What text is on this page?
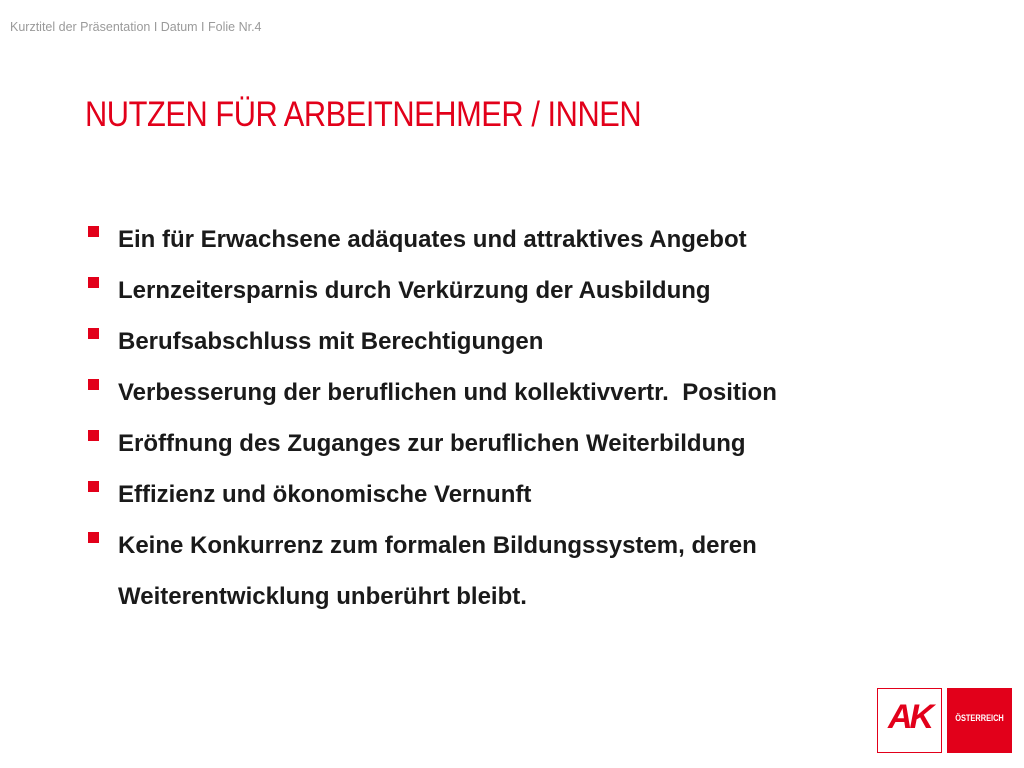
Kurztitel der Präsentation I Datum I Folie Nr.4
NUTZEN FÜR ARBEITNEHMER / INNEN
Ein für Erwachsene adäquates und attraktives Angebot
Lernzeitersparnis durch Verkürzung der Ausbildung
Berufsabschluss mit Berechtigungen
Verbesserung der beruflichen und kollektivvertr.  Position
Eröffnung des Zuganges zur beruflichen Weiterbildung
Effizienz und ökonomische Vernunft
Keine Konkurrenz zum formalen Bildungssystem, deren
Weiterentwicklung unberührt bleibt.
AK	ÖSTERREICH
